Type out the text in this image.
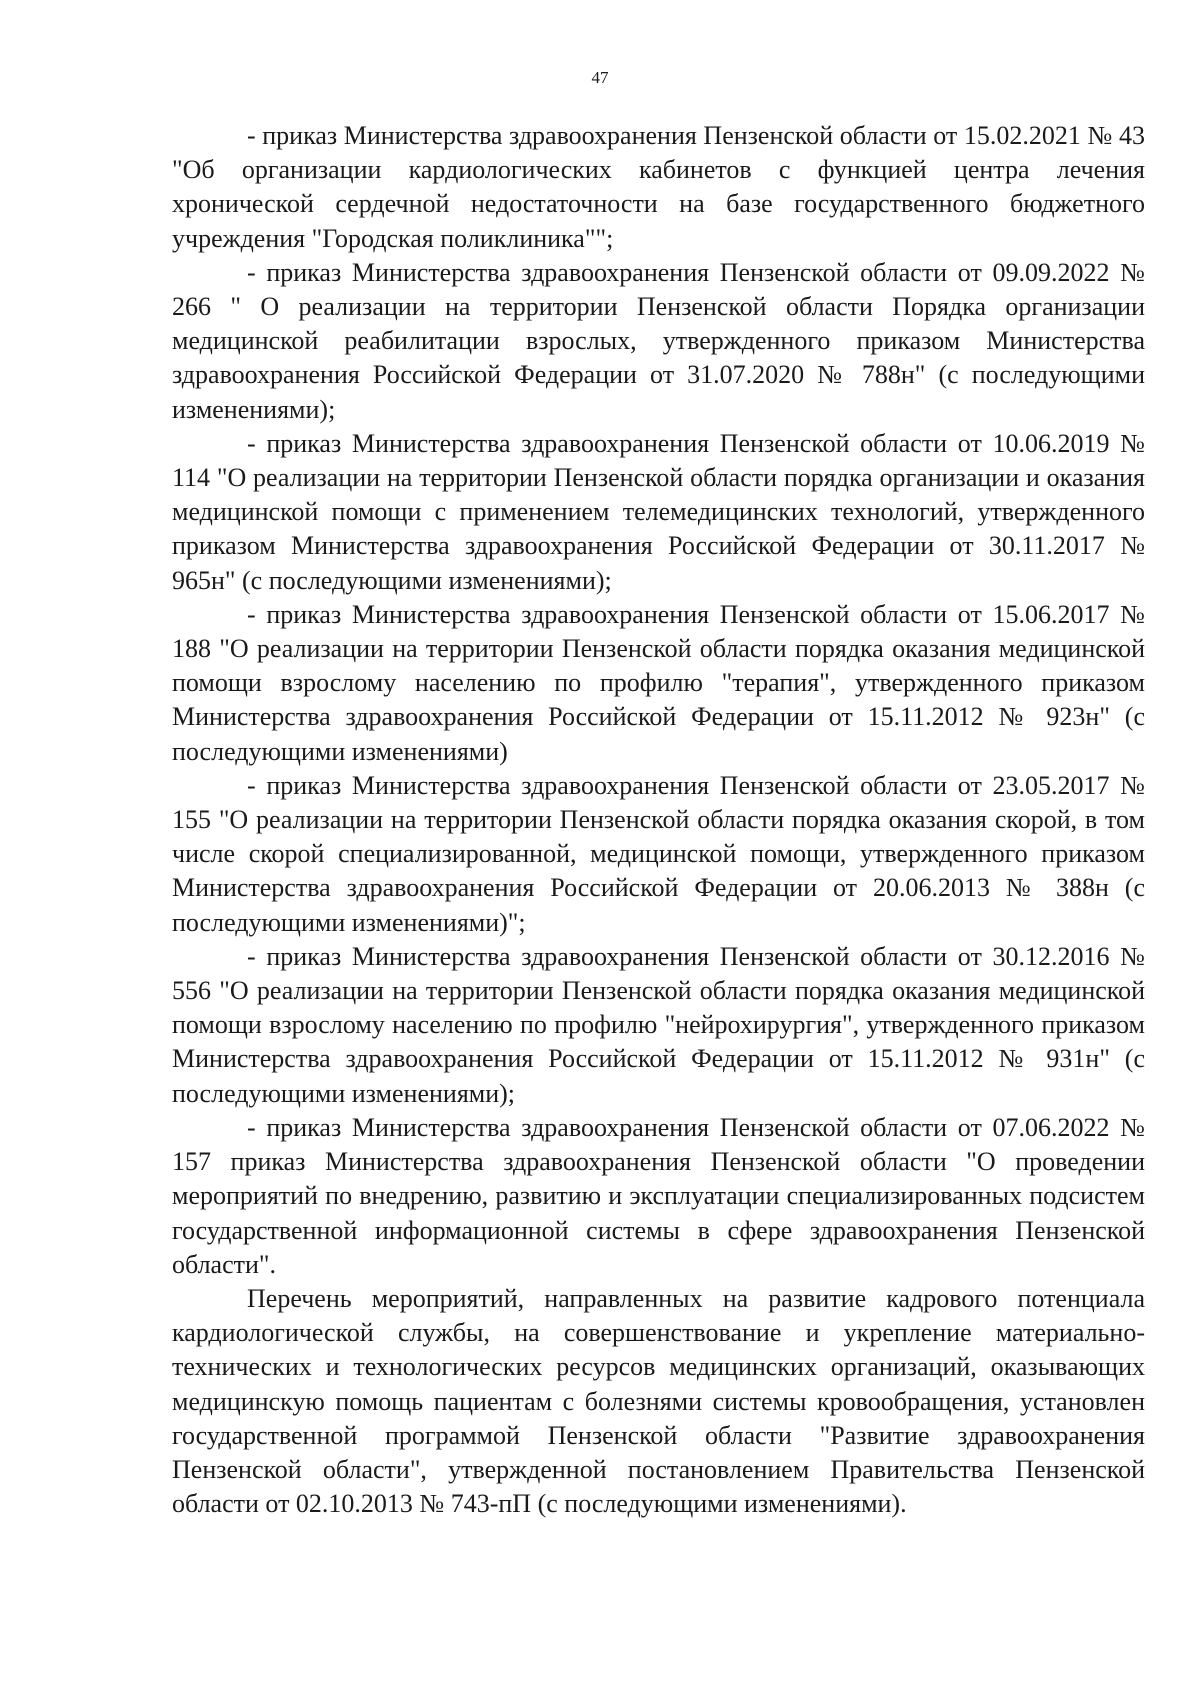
47

- приказ Министерства здравоохранения Пензенской области от 15.02.2021 № 43 "Об организации кардиологических кабинетов с функцией центра лечения хронической сердечной недостаточности на базе государственного бюджетного учреждения "Городская поликлиника"";

- приказ Министерства здравоохранения Пензенской области от 09.09.2022 № 266 " О реализации на территории Пензенской области Порядка организации медицинской реабилитации взрослых, утвержденного приказом Министерства здравоохранения Российской Федерации от 31.07.2020 № 788н" (с последующими изменениями);

- приказ Министерства здравоохранения Пензенской области от 10.06.2019 № 114 "О реализации на территории Пензенской области порядка организации и оказания медицинской помощи с применением телемедицинских технологий, утвержденного приказом Министерства здравоохранения Российской Федерации от 30.11.2017 № 965н" (с последующими изменениями);

- приказ Министерства здравоохранения Пензенской области от 15.06.2017 № 188 "О реализации на территории Пензенской области порядка оказания медицинской помощи взрослому населению по профилю "терапия", утвержденного приказом Министерства здравоохранения Российской Федерации от 15.11.2012 № 923н" (с последующими изменениями)

- приказ Министерства здравоохранения Пензенской области от 23.05.2017 № 155 "О реализации на территории Пензенской области порядка оказания скорой, в том числе скорой специализированной, медицинской помощи, утвержденного приказом Министерства здравоохранения Российской Федерации от 20.06.2013 № 388н (с последующими изменениями)";

- приказ Министерства здравоохранения Пензенской области от 30.12.2016 № 556 "О реализации на территории Пензенской области порядка оказания медицинской помощи взрослому населению по профилю "нейрохирургия", утвержденного приказом Министерства здравоохранения Российской Федерации от 15.11.2012 № 931н" (с последующими изменениями);

- приказ Министерства здравоохранения Пензенской области от 07.06.2022 № 157 приказ Министерства здравоохранения Пензенской области "О проведении мероприятий по внедрению, развитию и эксплуатации специализированных подсистем государственной информационной системы в сфере здравоохранения Пензенской области".

Перечень мероприятий, направленных на развитие кадрового потенциала кардиологической службы, на совершенствование и укрепление материально-технических и технологических ресурсов медицинских организаций, оказывающих медицинскую помощь пациентам с болезнями системы кровообращения, установлен государственной программой Пензенской области "Развитие здравоохранения Пензенской области", утвержденной постановлением Правительства Пензенской области от 02.10.2013 № 743-пП (с последующими изменениями).
